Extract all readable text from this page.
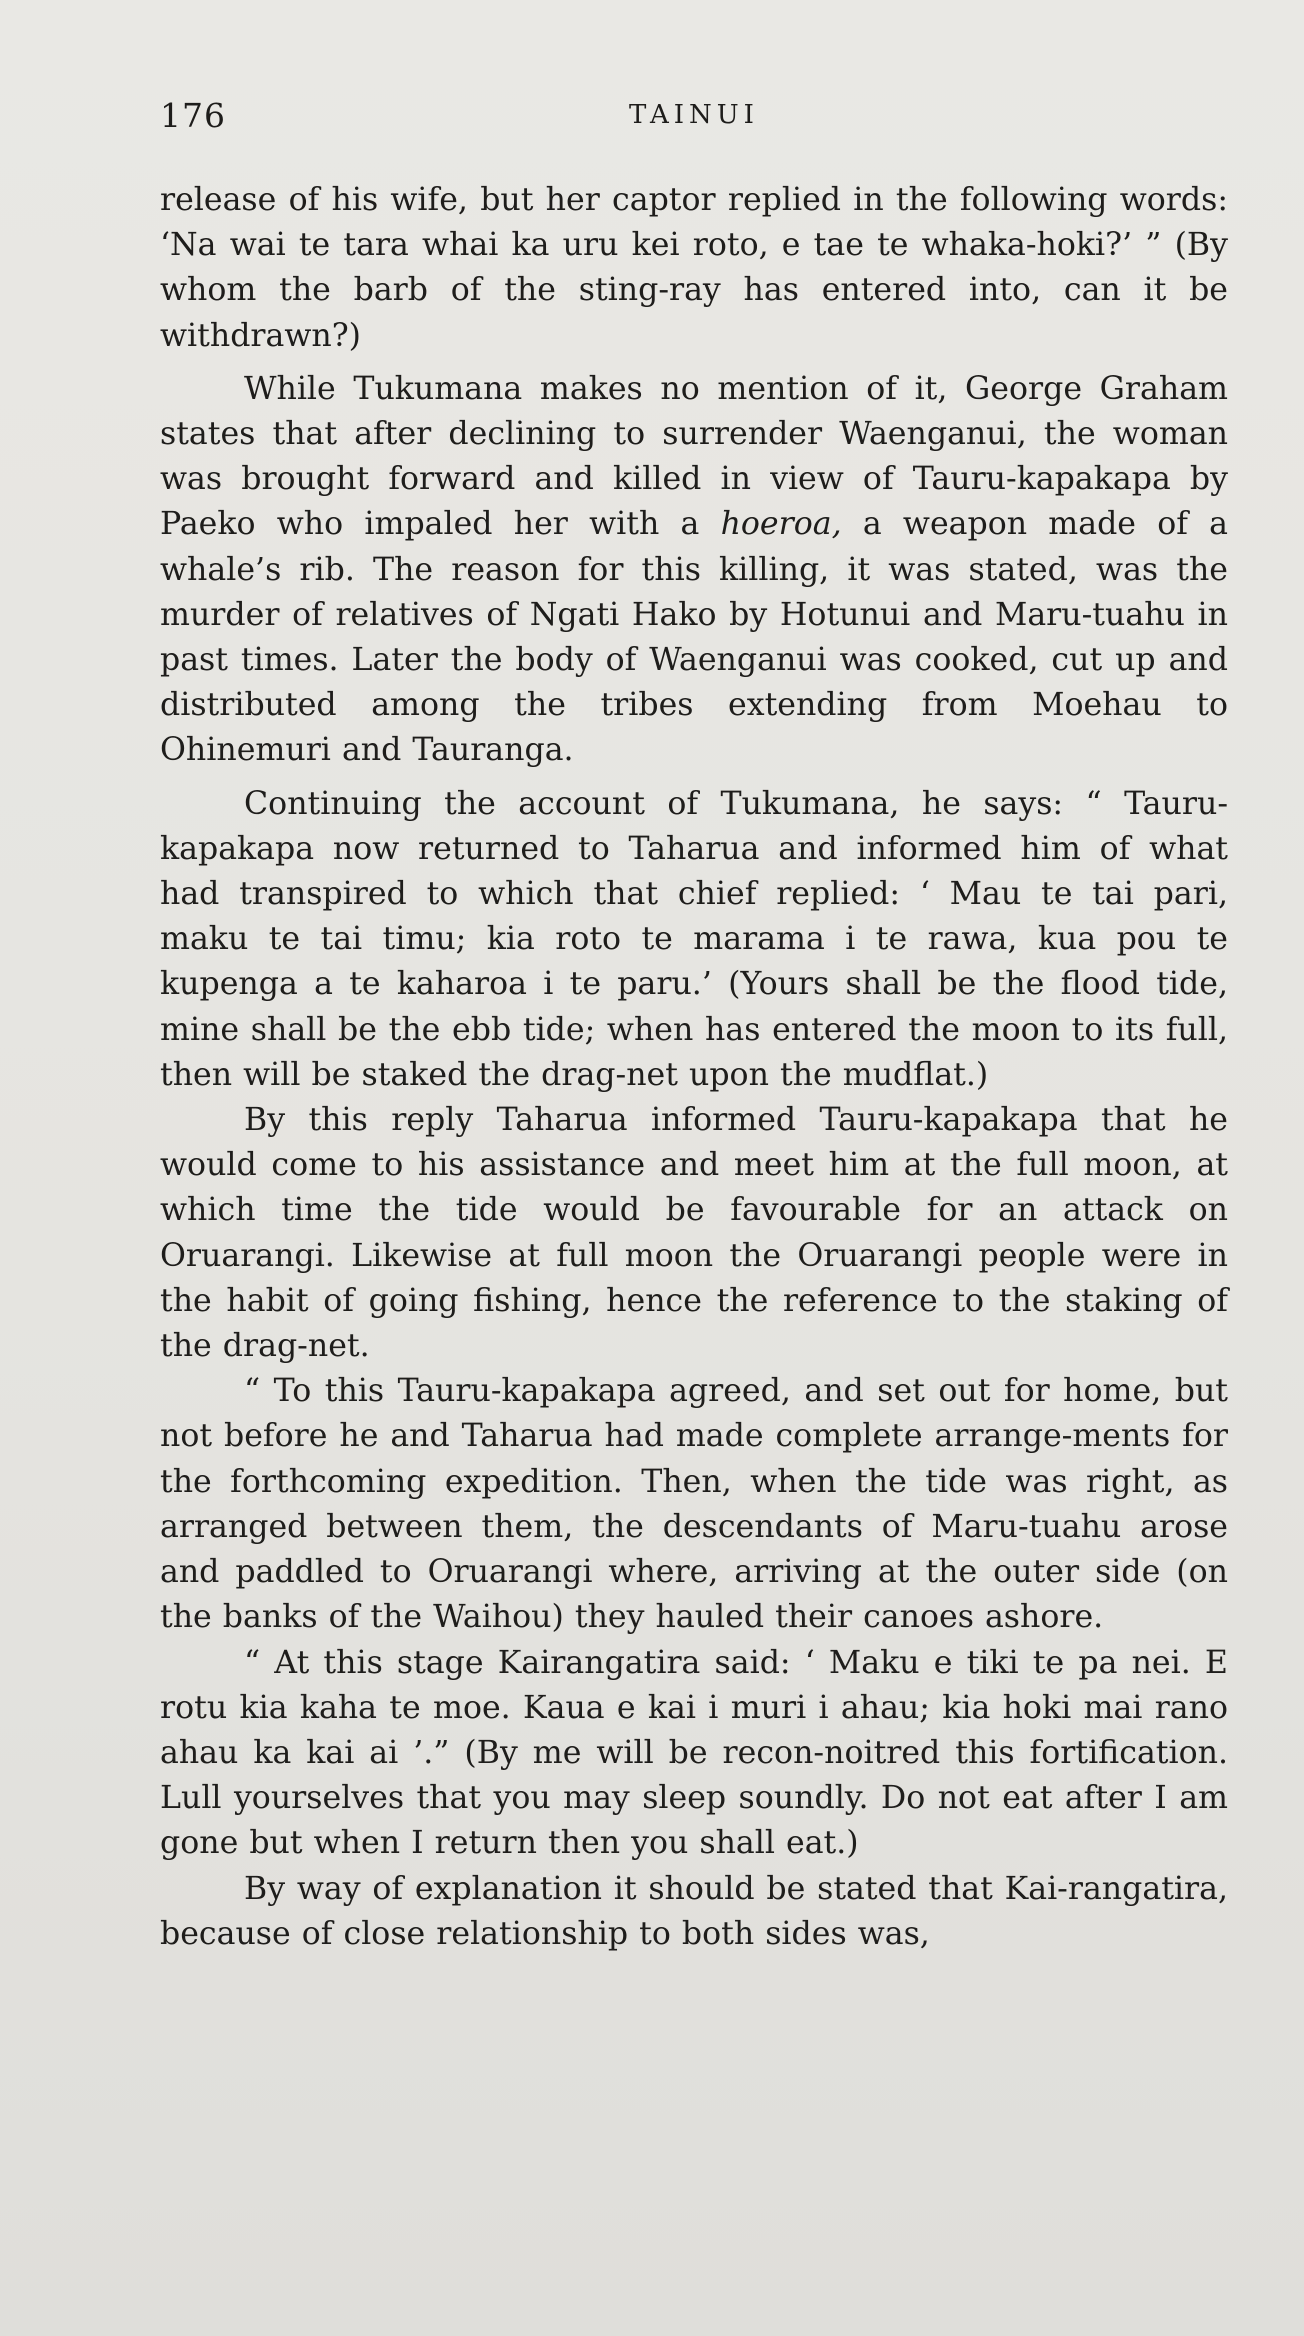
176	TAINUI

release of his wife, but her captor replied in the following words: ‘Na wai te tara whai ka uru kei roto, e tae te whaka-hoki?’ ” (By whom the barb of the sting-ray has entered into, can it be withdrawn?)

While Tukumana makes no mention of it, George Graham states that after declining to surrender Waenganui, the woman was brought forward and killed in view of Tauru-kapakapa by Paeko who impaled her with a hoeroa, a weapon made of a whale’s rib. The reason for this killing, it was stated, was the murder of relatives of Ngati Hako by Hotunui and Maru-tuahu in past times. Later the body of Waenganui was cooked, cut up and distributed among the tribes extending from Moehau to Ohinemuri and Tauranga.

Continuing the account of Tukumana, he says: “ Tauru-kapakapa now returned to Taharua and informed him of what had transpired to which that chief replied: ‘ Mau te tai pari, maku te tai timu; kia roto te marama i te rawa, kua pou te kupenga a te kaharoa i te paru.’ (Yours shall be the flood tide, mine shall be the ebb tide; when has entered the moon to its full, then will be staked the drag-net upon the mudflat.)

By this reply Taharua informed Tauru-kapakapa that he would come to his assistance and meet him at the full moon, at which time the tide would be favourable for an attack on Oruarangi. Likewise at full moon the Oruarangi people were in the habit of going fishing, hence the reference to the staking of the drag-net.

“ To this Tauru-kapakapa agreed, and set out for home, but not before he and Taharua had made complete arrange-ments for the forthcoming expedition. Then, when the tide was right, as arranged between them, the descendants of Maru-tuahu arose and paddled to Oruarangi where, arriving at the outer side (on the banks of the Waihou) they hauled their canoes ashore.

“ At this stage Kairangatira said: ‘ Maku e tiki te pa nei. E rotu kia kaha te moe. Kaua e kai i muri i ahau; kia hoki mai rano ahau ka kai ai ’.” (By me will be recon-noitred this fortification. Lull yourselves that you may sleep soundly. Do not eat after I am gone but when I return then you shall eat.)

By way of explanation it should be stated that Kai-rangatira, because of close relationship to both sides was,
